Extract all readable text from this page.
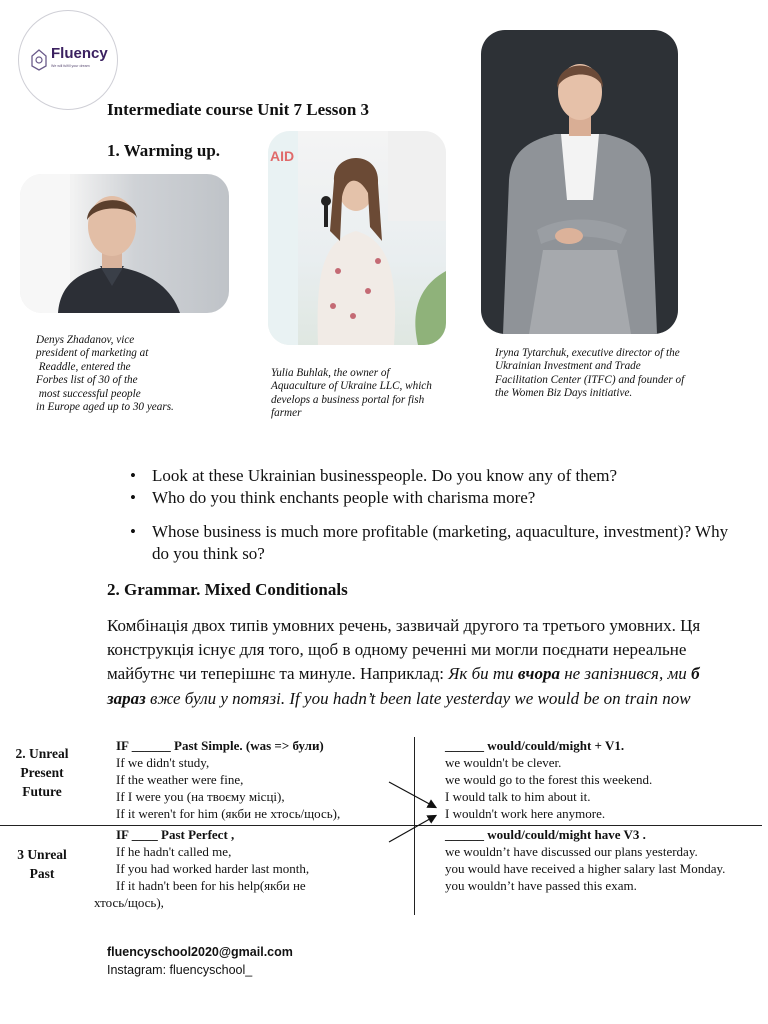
Fluency
We will fulfill your dream
Intermediate course Unit 7 Lesson 3
1. Warming up.	AID
Denys Zhadanov, vice
president of marketing at
Readdle, entered the
Forbes list of 30 of the
most successful people
in Europe aged up to 30 years.
Yulia Buhlak, the owner of Aquaculture of Ukraine LLC, which develops a business portal for fish farmer
Iryna Tytarchuk, executive director of the Ukrainian Investment and Trade Facilitation Center (ITFC) and founder of the Women Biz Days initiative.
• Look at these Ukrainian businesspeople. Do you know any of them?
• Who do you think enchants people with charisma more?
• Whose business is much more profitable (marketing, aquaculture, investment)? Why do you think so?
2. Grammar. Mixed Conditionals
Комбінація двох типів умовних речень, зазвичай другого та третього умовних. Ця конструкція існує для того, щоб в одному реченні ми могли поєднати нереальне майбутнє чи теперішнє та минуле. Наприклад: Як би ти вчора не запізнився, ми б зараз вже були у потязі. If you hadn’t been late yesterday we would be on train now
2. Unreal Present Future
IF ______ Past Simple. (was => були)
If we didn't study,
If the weather were fine,
If I were you (на твоєму місці),
If it weren't for him (якби не хтось/щось),
______ would/could/might + V1.
we wouldn't be clever.
we would go to the forest this weekend.
I would talk to him about it.
I wouldn't work here anymore.
3 Unreal Past
IF ____ Past Perfect ,
If he hadn't called me,
If you had worked harder last month,
If it hadn't been for his help(якби не
хтось/щось),
______ would/could/might have V3 .
we wouldn’t have discussed our plans yesterday.
you would have received a higher salary last Monday.
you wouldn’t have passed this exam.
fluencyschool2020@gmail.com
Instagram: fluencyschool_
